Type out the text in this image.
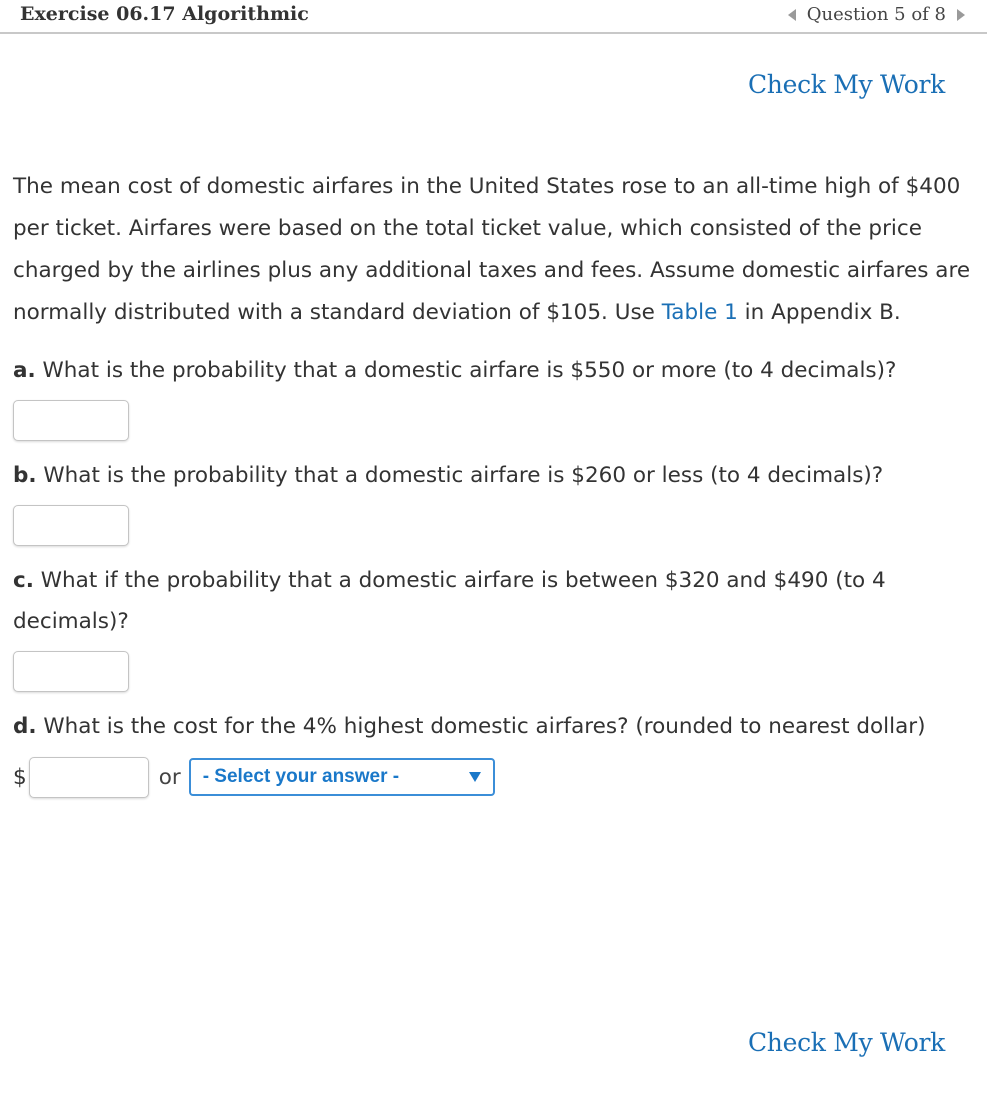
Exercise 06.17 Algorithmic	Question 5 of 8
Check My Work

The mean cost of domestic airfares in the United States rose to an all-time high of $400 per ticket. Airfares were based on the total ticket value, which consisted of the price charged by the airlines plus any additional taxes and fees. Assume domestic airfares are normally distributed with a standard deviation of $105. Use Table 1 in Appendix B.

a. What is the probability that a domestic airfare is $550 or more (to 4 decimals)?

b. What is the probability that a domestic airfare is $260 or less (to 4 decimals)?

c. What if the probability that a domestic airfare is between $320 and $490 (to 4 decimals)?

d. What is the cost for the 4% highest domestic airfares? (rounded to nearest dollar)

$	or - Select your answer -
Check My Work
